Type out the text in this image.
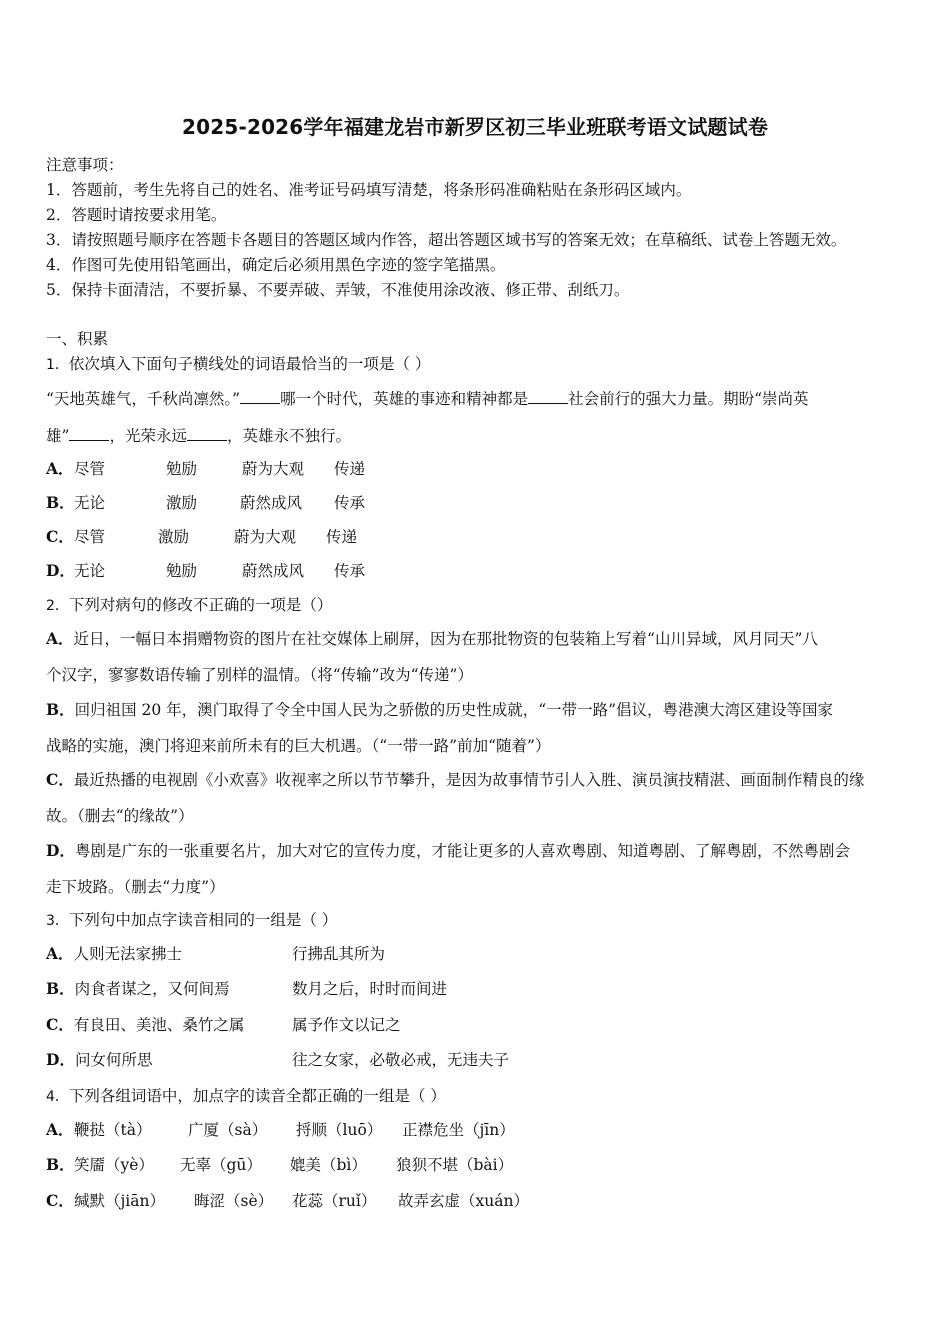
2025-2026学年福建龙岩市新罗区初三毕业班联考语文试题试卷
注意事项：
1．答题前，考生先将自己的姓名、准考证号码填写清楚，将条形码准确粘贴在条形码区域内。
2．答题时请按要求用笔。
3．请按照题号顺序在答题卡各题目的答题区域内作答，超出答题区域书写的答案无效；在草稿纸、试卷上答题无效。
4．作图可先使用铅笔画出，确定后必须用黑色字迹的签字笔描黑。
5．保持卡面清洁，不要折暴、不要弄破、弄皱，不准使用涂改液、修正带、刮纸刀。
一、积累
1．依次填入下面句子横线处的词语最恰当的一项是（ ）
“天地英雄气，千秋尚凛然。”	哪一个时代，英雄的事迹和精神都是	社会前行的强大力量。期盼“崇尚英
雄”	，光荣永远	，英雄永不独行。
A． 尽管	勉励	蔚为大观 传递
B． 无论	激励	蔚然成风 传承
C． 尽管	激励	蔚为大观 传递
D． 无论	勉励	蔚然成风 传承
2．下列对病句的修改不正确的一项是（）
A．近日，一幅日本捐赠物资的图片在社交媒体上刷屏，因为在那批物资的包装箱上写着“山川异域，风月同天”八
个汉字，寥寥数语传输了别样的温情。（将“传输”改为“传递”）
B．回归祖国 20 年，澳门取得了令全中国人民为之骄傲的历史性成就，“一带一路”倡议，粤港澳大湾区建设等国家
战略的实施，澳门将迎来前所未有的巨大机遇。（“一带一路”前加“随着”）
C．最近热播的电视剧《小欢喜》收视率之所以节节攀升，是因为故事情节引人入胜、演员演技精湛、画面制作精良的缘
故。（删去“的缘故”）
D．粤剧是广东的一张重要名片，加大对它的宣传力度，才能让更多的人喜欢粤剧、知道粤剧、了解粤剧，不然粤剧会
走下坡路。（删去“力度”）
3．下列句中加点字读音相同的一组是（ ）
A．人则无法家拂士	行拂乱其所为
B．肉食者谋之，又何间焉	数月之后，时时而间进
C．有良田、美池、桑竹之属	属予作文以记之
D．问女何所思	往之女家，必敬必戒，无违夫子
4．下列各组词语中，加点字的读音全都正确的一组是（ ）
A． 鞭挞（tà） 广厦（sà） 捋顺（luō） 正襟危坐（jīn）
B． 笑靥（yè） 无辜（gū） 媲美（bì） 狼狈不堪（bài）
C． 缄默（jiān） 晦涩（sè） 花蕊（ruǐ） 故弄玄虚（xuán）
